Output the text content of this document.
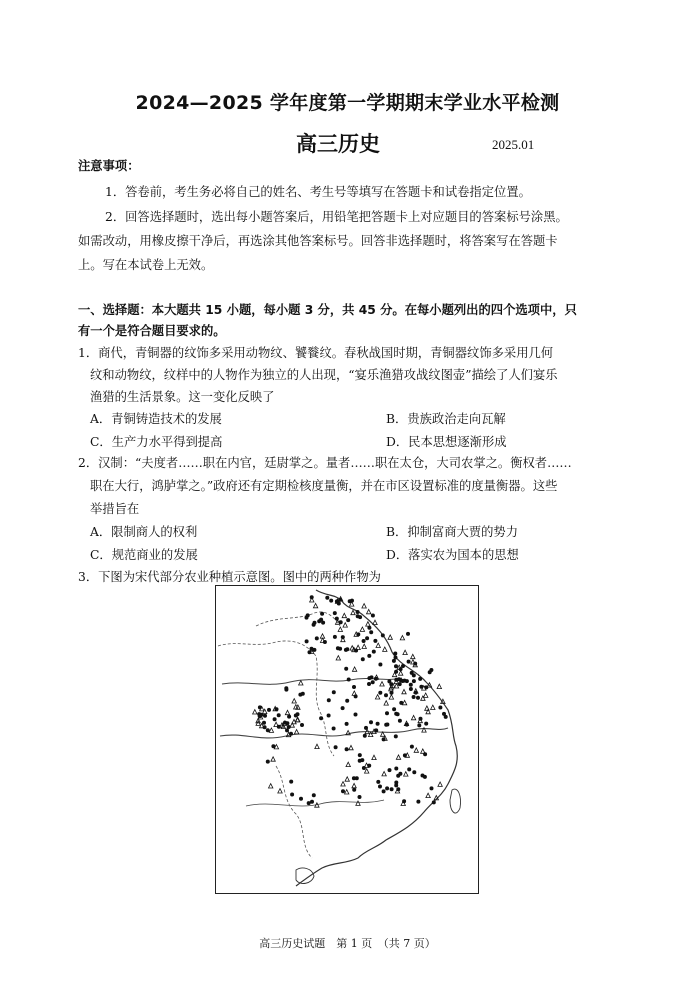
2024—2025 学年度第一学期期末学业水平检测
高三历史	2025.01
注意事项：
1．答卷前，考生务必将自己的姓名、考生号等填写在答题卡和试卷指定位置。
2．回答选择题时，选出每小题答案后，用铅笔把答题卡上对应题目的答案标号涂黑。
如需改动，用橡皮擦干净后，再选涂其他答案标号。回答非选择题时，将答案写在答题卡
上。写在本试卷上无效。
一、选择题：本大题共 15 小题，每小题 3 分，共 45 分。在每小题列出的四个选项中，只
有一个是符合题目要求的。
1．商代，青铜器的纹饰多采用动物纹、饕餮纹。春秋战国时期，青铜器纹饰多采用几何
纹和动物纹，纹样中的人物作为独立的人出现，“宴乐渔猎攻战纹图壶”描绘了人们宴乐
渔猎的生活景象。这一变化反映了
A．青铜铸造技术的发展	B．贵族政治走向瓦解
C．生产力水平得到提高	D．民本思想逐渐形成
2．汉制：“夫度者……职在内官，廷尉掌之。量者……职在太仓，大司农掌之。衡权者……
职在大行，鸿胪掌之。”政府还有定期检核度量衡，并在市区设置标准的度量衡器。这些
举措旨在
A．限制商人的权利	B．抑制富商大贾的势力
C．规范商业的发展	D．落实农为国本的思想
3．下图为宋代部分农业种植示意图。图中的两种作物为
高三历史试题　第 1 页　（共 7 页）
